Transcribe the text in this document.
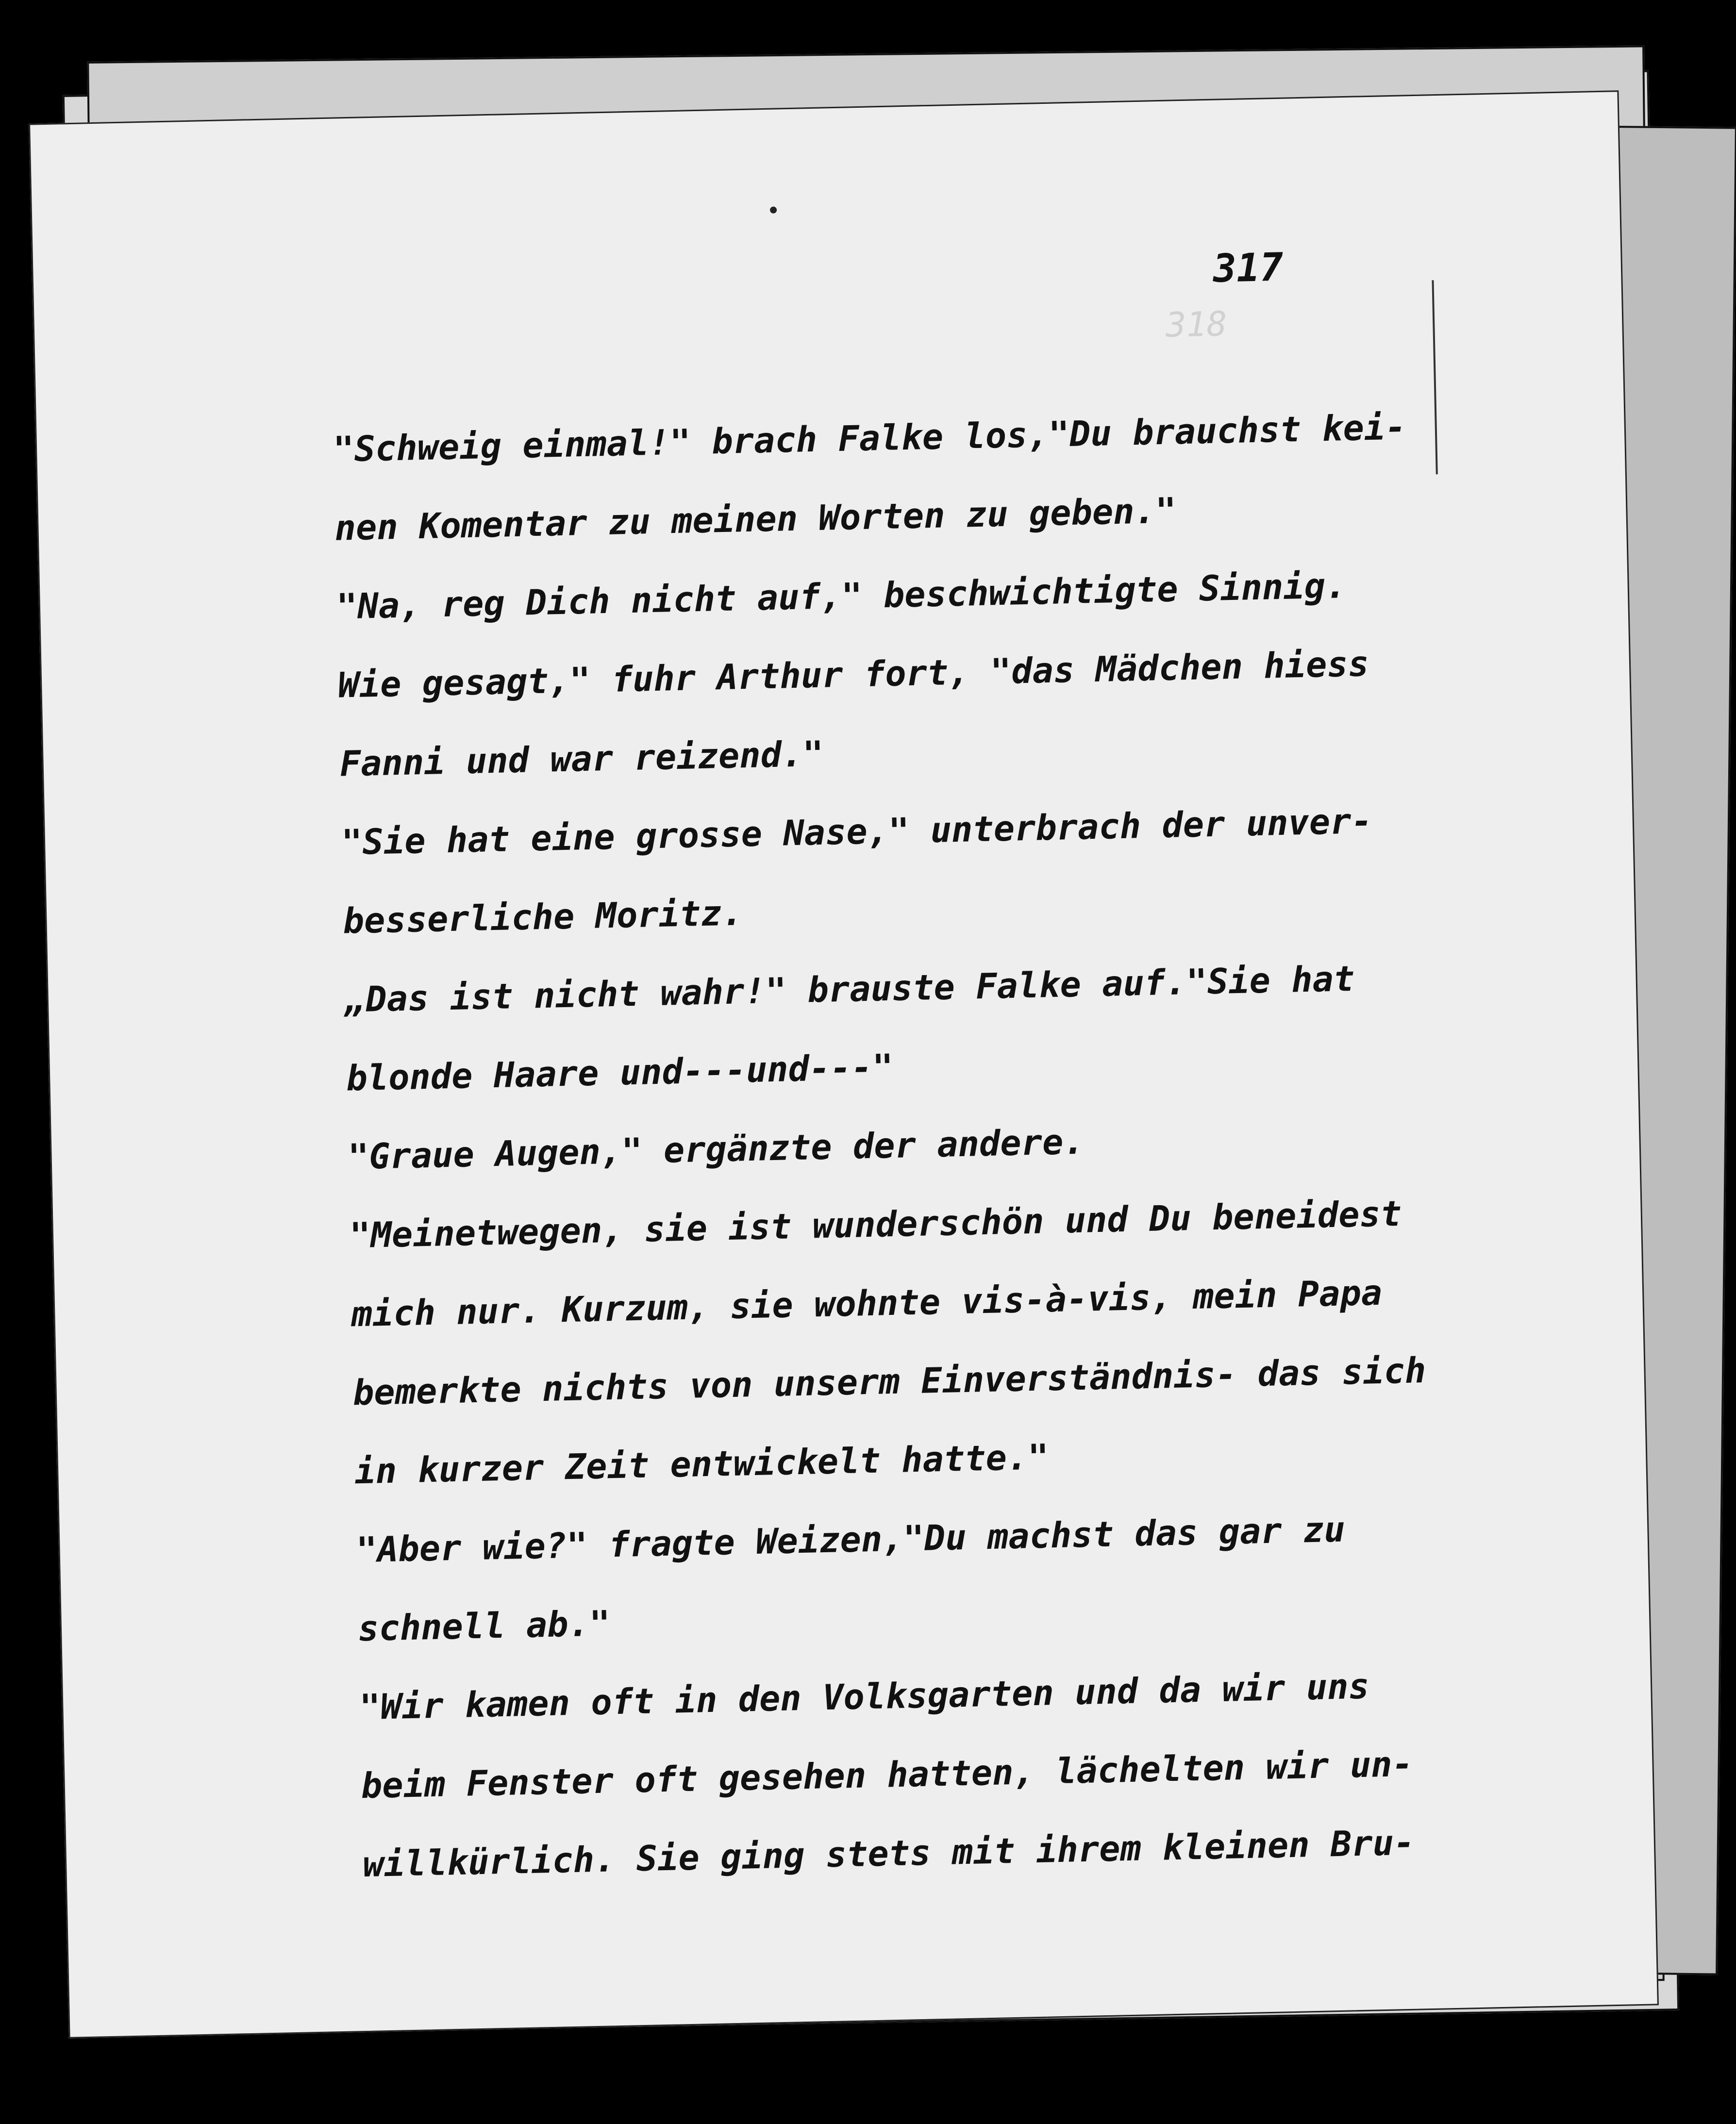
317
318
"Schweig einmal!" brach Falke los,"Du brauchst kei-
nen Komentar zu meinen Worten zu geben."
"Na, reg Dich nicht auf," beschwichtigte Sinnig.
Wie gesagt," fuhr Arthur fort, "das Mädchen hiess
Fanni und war reizend."
"Sie hat eine grosse Nase," unterbrach der unver-
besserliche Moritz.
„Das ist nicht wahr!" brauste Falke auf."Sie hat
blonde Haare und---und---"
"Graue Augen," ergänzte der andere.
"Meinetwegen, sie ist wunderschön und Du beneidest
mich nur. Kurzum, sie wohnte vis-à-vis, mein Papa
bemerkte nichts von unserm Einverständnis- das sich
in kurzer Zeit entwickelt hatte."
"Aber wie?" fragte Weizen,"Du machst das gar zu
schnell ab."
"Wir kamen oft in den Volksgarten und da wir uns
beim Fenster oft gesehen hatten, lächelten wir un-
willkürlich. Sie ging stets mit ihrem kleinen Bru-
